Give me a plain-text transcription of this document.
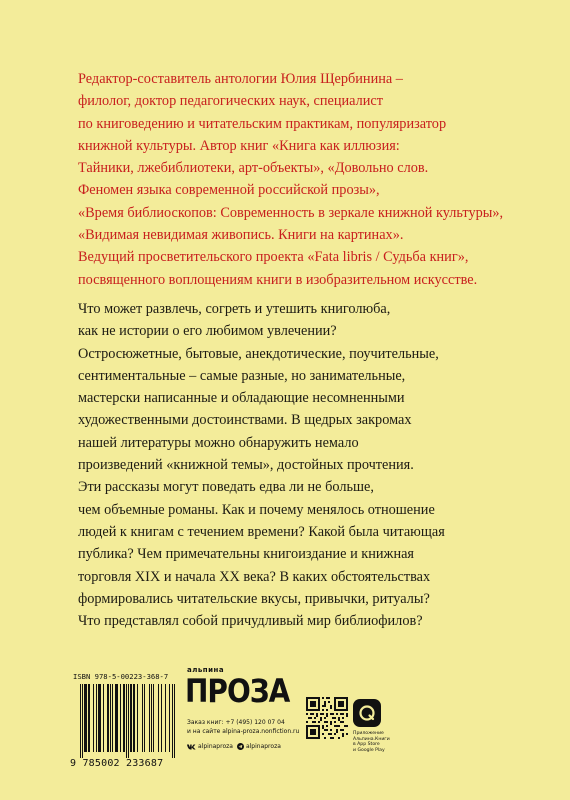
Редактор-составитель антологии Юлия Щербинина –
филолог, доктор педагогических наук, специалист
по книговедению и читательским практикам, популяризатор
книжной культуры. Автор книг «Книга как иллюзия:
Тайники, лжебиблиотеки, арт-объекты», «Довольно слов.
Феномен языка современной российской прозы»,
«Время библиоскопов: Современность в зеркале книжной культуры»,
«Видимая невидимая живопись. Книги на картинах».
Ведущий просветительского проекта «Fata libris / Судьба книг»,
посвященного воплощениям книги в изобразительном искусстве.
Что может развлечь, согреть и утешить книголюба,
как не истории о его любимом увлечении?
Остросюжетные, бытовые, анекдотические, поучительные,
сентиментальные – самые разные, но занимательные,
мастерски написанные и обладающие несомненными
художественными достоинствами. В щедрых закромах
нашей литературы можно обнаружить немало
произведений «книжной темы», достойных прочтения.
Эти рассказы могут поведать едва ли не больше,
чем объемные романы. Как и почему менялось отношение
людей к книгам с течением времени? Какой была читающая
публика? Чем примечательны книгоиздание и книжная
торговля XIX и начала XX века? В каких обстоятельствах
формировались читательские вкусы, привычки, ритуалы?
Что представлял собой причудливый мир библиофилов?
ISBN 978-5-00223-368-7
9 785002 233687
альпина
ПРОЗА
Заказ книг: +7 (495) 120 07 04
и на сайте alpina-proza.nonfiction.ru
alpinaproza alpinaproza
Приложение
Альпина.Книги
в App Store
и Google Play
